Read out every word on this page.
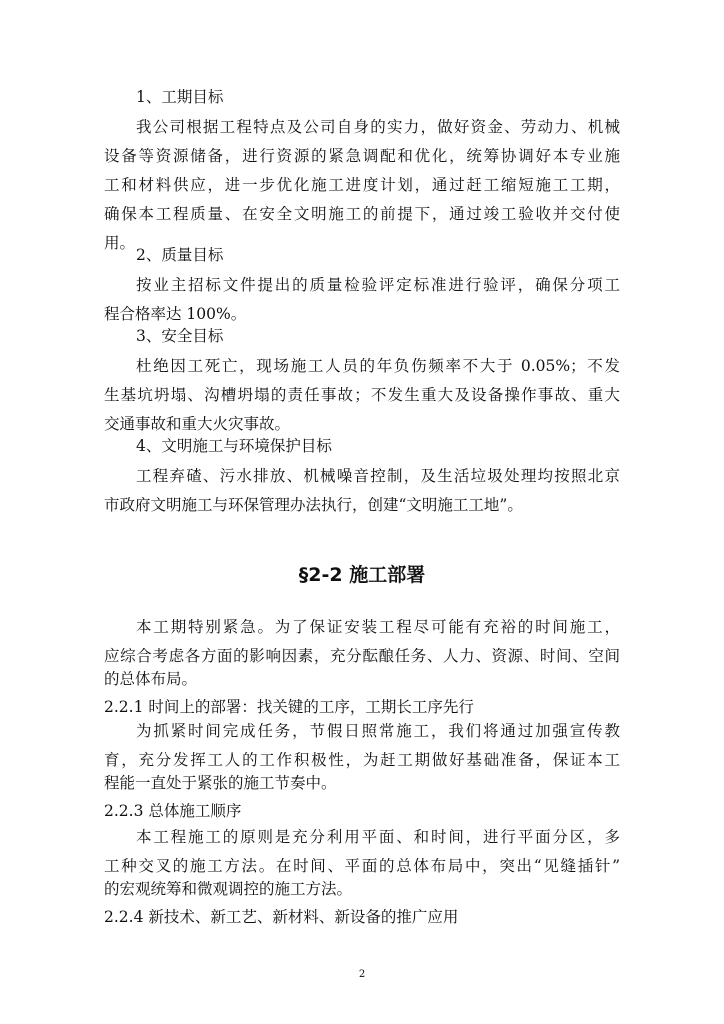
1、工期目标

我公司根据工程特点及公司自身的实力，做好资金、劳动力、机械

设备等资源储备，进行资源的紧急调配和优化，统筹协调好本专业施

工和材料供应，进一步优化施工进度计划，通过赶工缩短施工工期，

确保本工程质量、在安全文明施工的前提下，通过竣工验收并交付使

用。

2、质量目标

按业主招标文件提出的质量检验评定标准进行验评，确保分项工

程合格率达 100%。

3、安全目标

杜绝因工死亡，现场施工人员的年负伤频率不大于 0.05%；不发

生基坑坍塌、沟槽坍塌的责任事故；不发生重大及设备操作事故、重大

交通事故和重大火灾事故。

4、文明施工与环境保护目标

工程弃碴、污水排放、机械噪音控制，及生活垃圾处理均按照北京

市政府文明施工与环保管理办法执行，创建“文明施工工地”。

§2-2 施工部署

本工期特别紧急。为了保证安装工程尽可能有充裕的时间施工，

应综合考虑各方面的影响因素，充分酝酿任务、人力、资源、时间、空间

的总体布局。

2.2.1 时间上的部署：找关键的工序，工期长工序先行

为抓紧时间完成任务，节假日照常施工，我们将通过加强宣传教

育，充分发挥工人的工作积极性，为赶工期做好基础准备，保证本工

程能一直处于紧张的施工节奏中。

2.2.3 总体施工顺序

本工程施工的原则是充分利用平面、和时间，进行平面分区，多

工种交叉的施工方法。在时间、平面的总体布局中，突出“见缝插针”

的宏观统筹和微观调控的施工方法。

2.2.4 新技术、新工艺、新材料、新设备的推广应用

2
